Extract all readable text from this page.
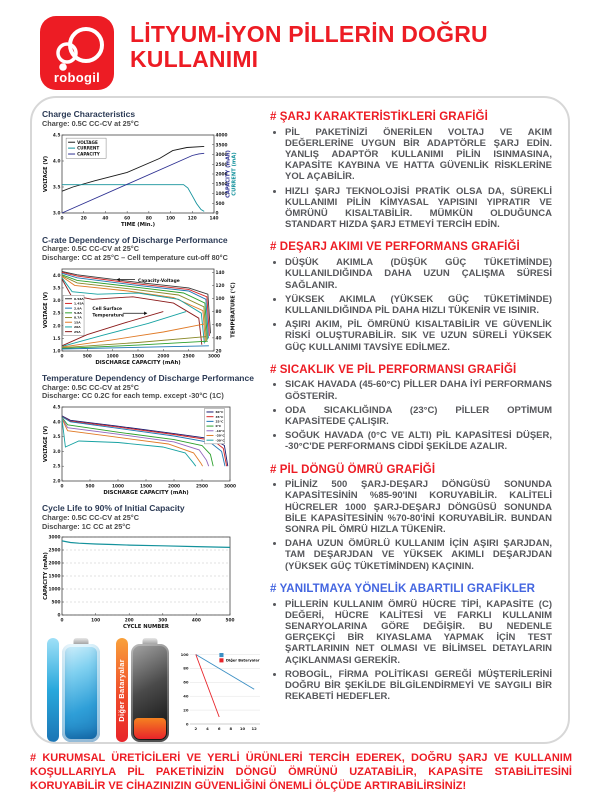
robogil
LİTYUM-İYON PİLLERİN DOĞRU
KULLANIMI
Charge Characteristics
Charge: 0.5C CC-CV at 25°C
0	20	40	60	80	100	120	140
3.0
3.5
4.0
4.5
0
500
1000
1500
2000
2500
3000
3500
4000
TIME (Min.)
VOLTAGE (V)	CAPACITY (mAh) CURRENT (mA)
VOLTAGE
CURRENT
CAPACITY
C-rate Dependency of Discharge Performance
Charge: 0.5C CC-CV at 25°C
Discharge: CC at 25°C – Cell temperature cut-off 80°C
0	500	1000	1500	2000	2500	3000
1.0
1.5
2.0
2.5
3.0
3.5
4.0
20
40
60
80
100
120
140
DISCHARGE CAPACITY (mAh)
VOLTAGE (V)	TEMPERATURE (°C)
0.58A
1.45A
2.9A
5.8A
8.7A
15A
20A
25A
Capacity-Voltage
Cell Surface
Temperature
Temperature Dependency of Discharge Performance
Charge: 0.5C CC-CV at 25°C
Discharge: CC 0.2C for each temp. except -30°C (1C)
0	500	1000	1500	2000	2500	3000
2.0
2.5
3.0
3.5
4.0
4.5
DISCHARGE CAPACITY (mAh)
VOLTAGE (V)
60°C
45°C
25°C
0°C
-10°C
-20°C
-30°C
Cycle Life to 90% of Initial Capacity
Charge: 0.5C CC-CV at 25°C
Discharge: 1C CC at 25°C
0	100	200	300	400	500
0
500
1000
1500
2000
2500
3000
CYCLE NUMBER
CAPACITY (mAh)
Diğer Bataryalar
2 4 6 8 10 12
0
20
40
60
80
100
Diğer Bataryalar
# ŞARJ KARAKTERİSTİKLERİ GRAFİĞİ
• PİL PAKETİNİZİ ÖNERİLEN VOLTAJ VE AKIM DEĞERLERİNE UYGUN BİR ADAPTÖRLE ŞARJ EDİN. YANLIŞ ADAPTÖR KULLANIMI PİLİN ISINMASINA, KAPASİTE KAYBINA VE HATTA GÜVENLİK RİSKLERİNE YOL AÇABİLİR.
• HIZLI ŞARJ TEKNOLOJİSİ PRATİK OLSA DA, SÜREKLİ KULLANIMI PİLİN KİMYASAL YAPISINI YIPRATIR VE ÖMRÜNÜ KISALTABİLİR. MÜMKÜN OLDUĞUNCA STANDART HIZDA ŞARJ ETMEYİ TERCİH EDİN.
# DEŞARJ AKIMI VE PERFORMANS GRAFİĞİ
• DÜŞÜK AKIMLA (DÜŞÜK GÜÇ TÜKETİMİNDE) KULLANILDIĞINDA DAHA UZUN ÇALIŞMA SÜRESİ SAĞLANIR.
• YÜKSEK AKIMLA (YÜKSEK GÜÇ TÜKETİMİNDE) KULLANILDIĞINDA PİL DAHA HIZLI TÜKENİR VE ISINIR.
• AŞIRI AKIM, PİL ÖMRÜNÜ KISALTABİLİR VE GÜVENLİK RİSKİ OLUŞTURABİLİR. SIK VE UZUN SÜRELİ YÜKSEK GÜÇ KULLANIMI TAVSİYE EDİLMEZ.
# SICAKLIK VE PİL PERFORMANSI GRAFİĞİ
• SICAK HAVADA (45-60°C) PİLLER DAHA İYİ PERFORMANS GÖSTERİR.
• ODA SICAKLIĞINDA (23°C) PİLLER OPTİMUM KAPASİTEDE ÇALIŞIR.
• SOĞUK HAVADA (0°C VE ALTI) PİL KAPASİTESİ DÜŞER, -30°C'DE PERFORMANS CİDDİ ŞEKİLDE AZALIR.
# PİL DÖNGÜ ÖMRÜ GRAFİĞİ
• PİLİNİZ 500 ŞARJ-DEŞARJ DÖNGÜSÜ SONUNDA KAPASİTESİNİN %85-90'INI KORUYABİLİR. KALİTELİ HÜCRELER 1000 ŞARJ-DEŞARJ DÖNGÜSÜ SONUNDA BİLE KAPASİTESİNİN %70-80'İNİ KORUYABİLİR. BUNDAN SONRA PİL ÖMRÜ HIZLA TÜKENİR.
• DAHA UZUN ÖMÜRLÜ KULLANIM İÇİN AŞIRI ŞARJDAN, TAM DEŞARJDAN VE YÜKSEK AKIMLI DEŞARJDAN (YÜKSEK GÜÇ TÜKETİMİNDEN) KAÇININ.
# YANILTMAYA YÖNELİK ABARTILI GRAFİKLER
• PİLLERİN KULLANIM ÖMRÜ HÜCRE TİPİ, KAPASİTE (C) DEĞERİ, HÜCRE KALİTESİ VE FARKLI KULLANIM SENARYOLARINA GÖRE DEĞİŞİR. BU NEDENLE GERÇEKÇİ BİR KIYASLAMA YAPMAK İÇİN TEST ŞARTLARININ NET OLMASI VE BİLİMSEL DETAYLARIN AÇIKLANMASI GEREKİR.
• ROBOGİL, FİRMA POLİTİKASI GEREĞİ MÜŞTERİLERİNİ DOĞRU BİR ŞEKİLDE BİLGİLENDİRMEYİ VE SAYGILI BİR REKABETİ HEDEFLER.
# KURUMSAL ÜRETİCİLERİ VE YERLİ ÜRÜNLERİ TERCİH EDEREK, DOĞRU ŞARJ VE KULLANIM KOŞULLARIYLA PİL PAKETİNİZİN DÖNGÜ ÖMRÜNÜ UZATABİLİR, KAPASİTE STABİLİTESİNİ KORUYABİLİR VE CİHAZINIZIN GÜVENLİĞİNİ ÖNEMLİ ÖLÇÜDE ARTIRABİLİRSİNİZ!
